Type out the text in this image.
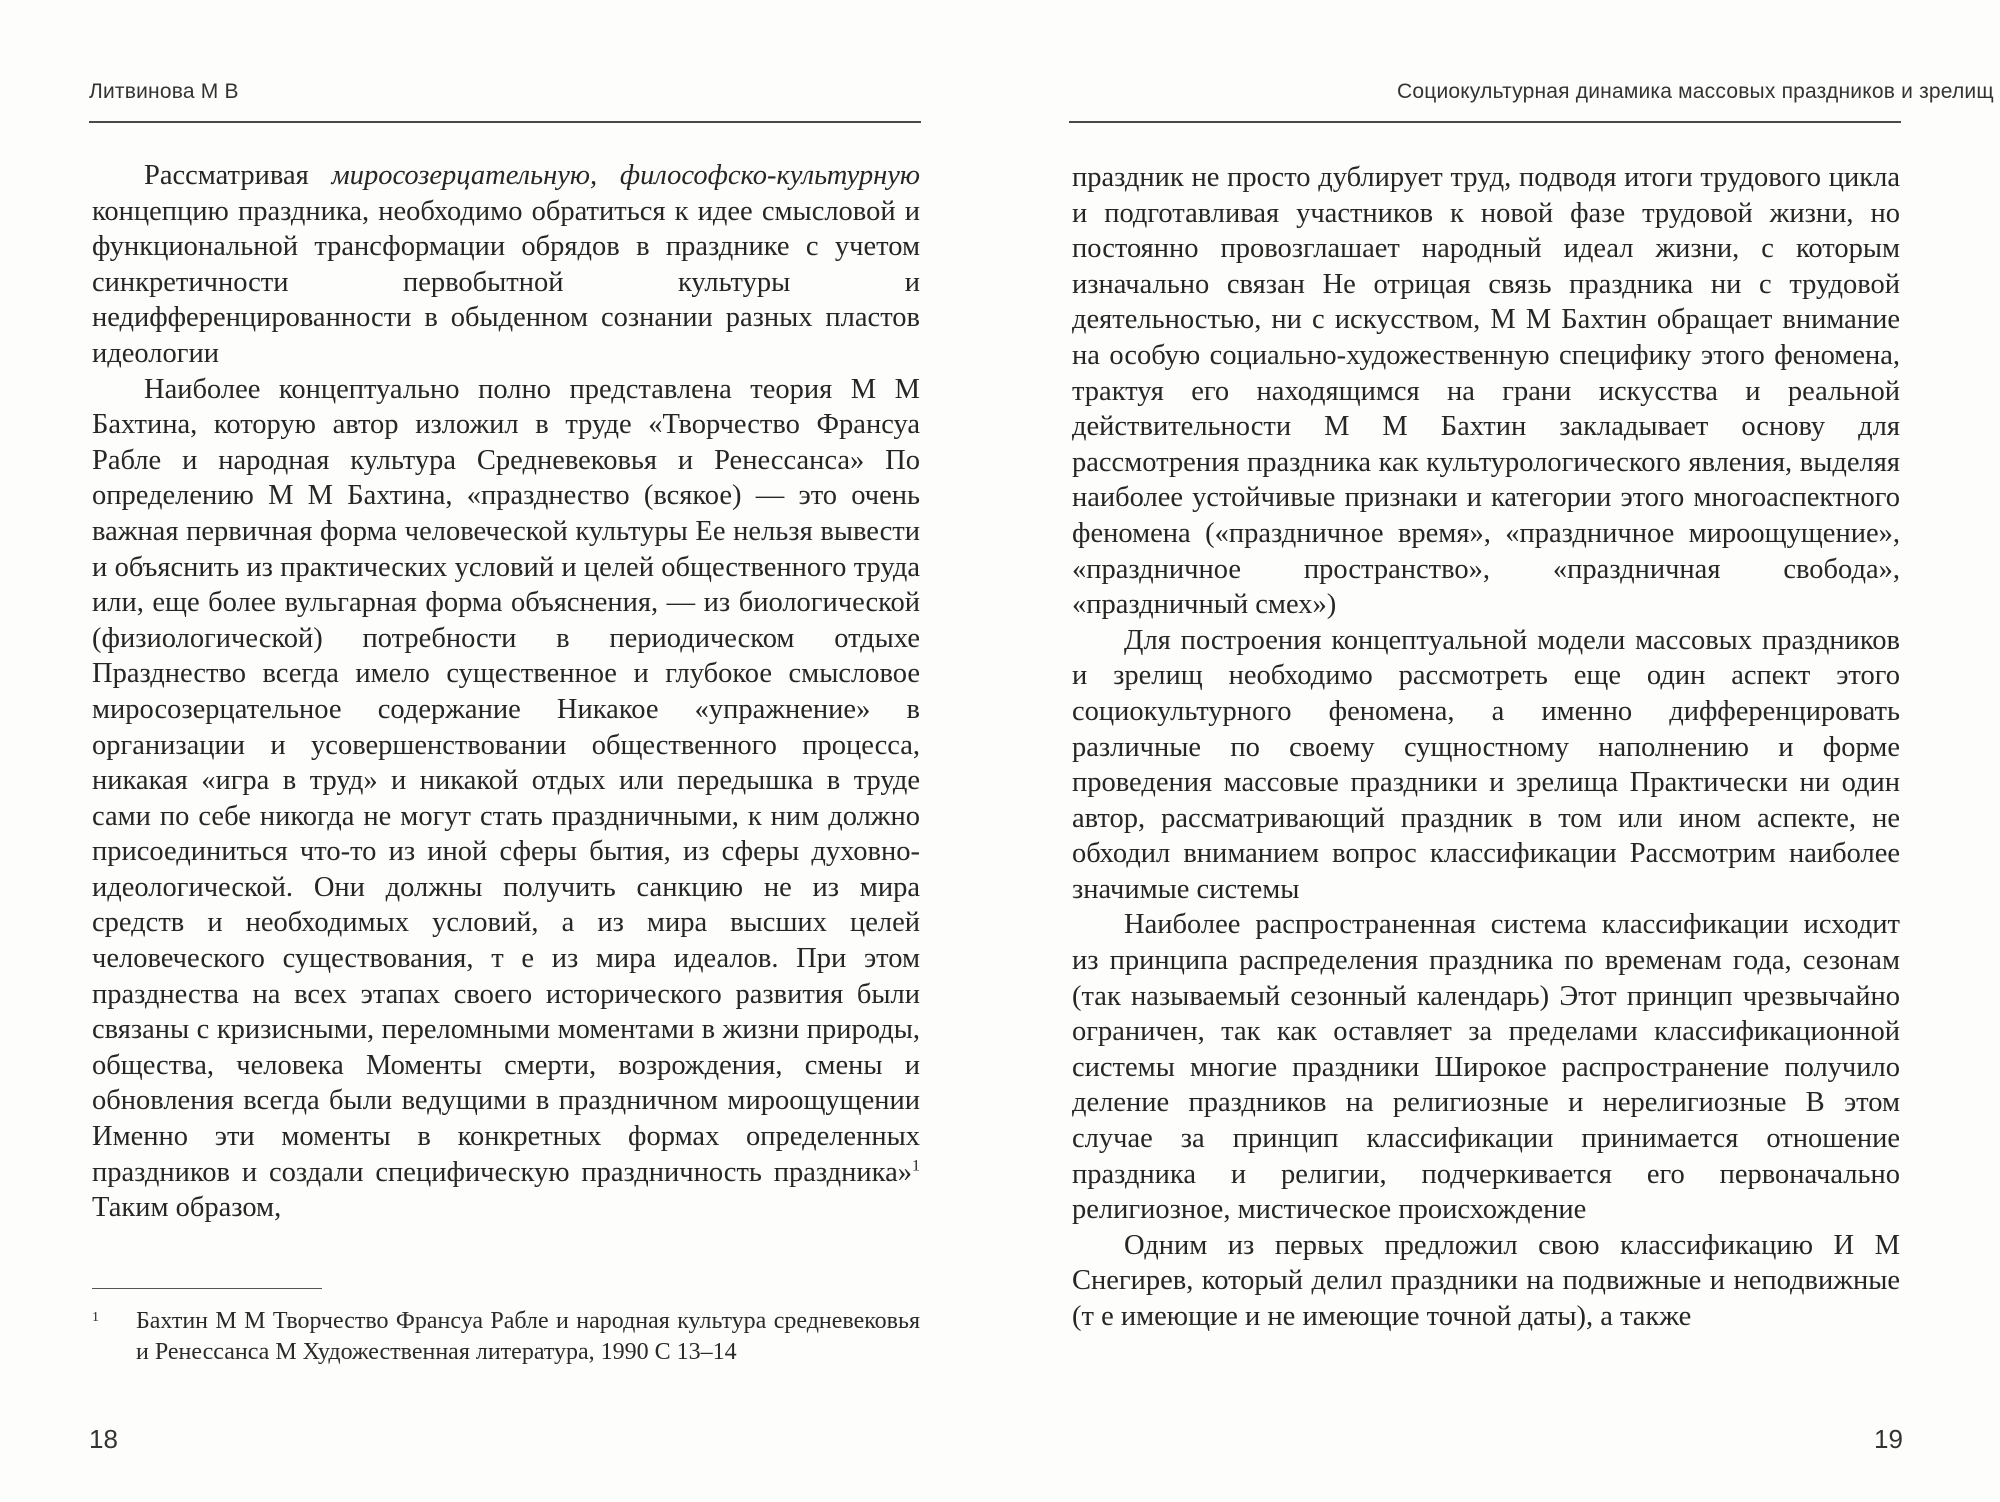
Литвинова М В

Рассматривая миросозерцательную, философско-культурную концепцию праздника, необходимо обратиться к идее смысловой и функциональной трансформации обрядов в празднике с учетом синкретичности первобытной культуры и недифференцированности в обыденном сознании разных пластов идеологии

Наиболее концептуально полно представлена теория М М Бахтина, которую автор изложил в труде «Творчество Франсуа Рабле и народная культура Средневековья и Ренессанса» По определению М М Бахтина, «празднество (всякое) — это очень важная первичная форма человеческой культуры Ее нельзя вывести и объяснить из практических условий и целей общественного труда или, еще более вульгарная форма объяснения, — из биологической (физиологической) потребности в периодическом отдыхе Празднество всегда имело существенное и глубокое смысловое миросозерцательное содержание Никакое «упражнение» в организации и усовершенствовании общественного процесса, никакая «игра в труд» и никакой отдых или передышка в труде сами по себе никогда не могут стать праздничными, к ним должно присоединиться что-то из иной сферы бытия, из сферы духовно-идеологической. Они должны получить санкцию не из мира средств и необходимых условий, а из мира высших целей человеческого существования, т е из мира идеалов. При этом празднества на всех этапах своего исторического развития были связаны с кризисными, переломными моментами в жизни природы, общества, человека Моменты смерти, возрождения, смены и обновления всегда были ведущими в праздничном мироощущении Именно эти моменты в конкретных формах определенных праздников и создали специфическую праздничность праздника»$^1$ Таким образом,

1 Бахтин М М Творчество Франсуа Рабле и народная культура средневековья и Ренессанса М Художественная литература, 1990 С 13–14
18
Социокультурная динамика массовых праздников и зрелищ

праздник не просто дублирует труд, подводя итоги трудового цикла и подготавливая участников к новой фазе трудовой жизни, но постоянно провозглашает народный идеал жизни, с которым изначально связан Не отрицая связь праздника ни с трудовой деятельностью, ни с искусством, М М Бахтин обращает внимание на особую социально-художественную специфику этого феномена, трактуя его находящимся на грани искусства и реальной действительности М М Бахтин закладывает основу для рассмотрения праздника как культурологического явления, выделяя наиболее устойчивые признаки и категории этого многоаспектного феномена («праздничное время», «праздничное мироощущение», «праздничное пространство», «праздничная свобода», «праздничный смех»)

Для построения концептуальной модели массовых праздников и зрелищ необходимо рассмотреть еще один аспект этого социокультурного феномена, а именно дифференцировать различные по своему сущностному наполнению и форме проведения массовые праздники и зрелища Практически ни один автор, рассматривающий праздник в том или ином аспекте, не обходил вниманием вопрос классификации Рассмотрим наиболее значимые системы

Наиболее распространенная система классификации исходит из принципа распределения праздника по временам года, сезонам (так называемый сезонный календарь) Этот принцип чрезвычайно ограничен, так как оставляет за пределами классификационной системы многие праздники Широкое распространение получило деление праздников на религиозные и нерелигиозные В этом случае за принцип классификации принимается отношение праздника и религии, подчеркивается его первоначально религиозное, мистическое происхождение

Одним из первых предложил свою классификацию И М Снегирев, который делил праздники на подвижные и неподвижные (т е имеющие и не имеющие точной даты), а также

19
